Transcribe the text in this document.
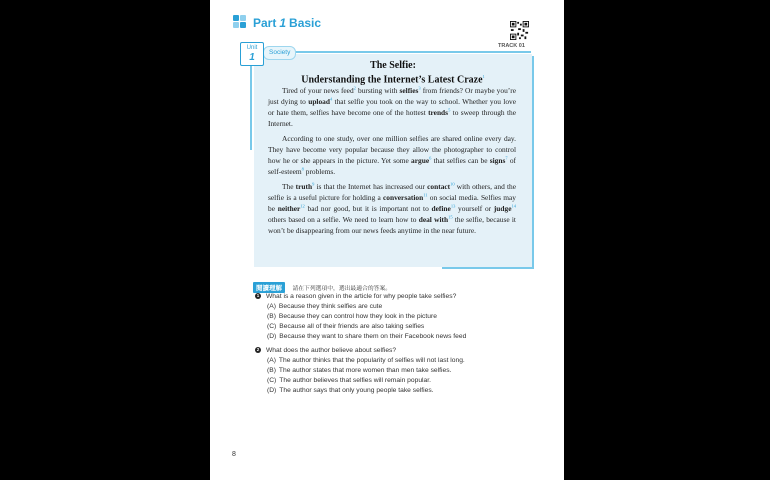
Part 1 Basic
TRACK 01
Unit
1	Society
The Selfie:
Understanding the Internet’s Latest Craze$^1$

Tired of your news feed$^2$ bursting with selfies$^3$ from friends? Or maybe you’re just dying to upload$^4$ that selfie you took on the way to school. Whether you love or hate them, selfies have become one of the hottest trends$^5$ to sweep through the Internet.

According to one study, over one million selfies are shared online every day. They have become very popular because they allow the photographer to control how he or she appears in the picture. Yet some argue$^6$ that selfies can be signs$^7$ of self-esteem$^8$ problems.

The truth$^9$ is that the Internet has increased our contact$^{10}$ with others, and the selfie is a useful picture for holding a conversation$^{11}$ on social media. Selfies may be neither$^{12}$ bad nor good, but it is important not to define$^{13}$ yourself or judge$^{14}$ others based on a selfie. We need to learn how to deal with$^{15}$ the selfie, because it won’t be disappearing from our news feeds anytime in the near future.

閱讀理解 請在下列選項中，選出最適合的答案。
1 What is a reason given in the article for why people take selfies?
(A) Because they think selfies are cute
(B) Because they can control how they look in the picture
(C) Because all of their friends are also taking selfies
(D) Because they want to share them on their Facebook news feed
2 What does the author believe about selfies?
(A) The author thinks that the popularity of selfies will not last long.
(B) The author states that more women than men take selfies.
(C) The author believes that selfies will remain popular.
(D) The author says that only young people take selfies.
8
